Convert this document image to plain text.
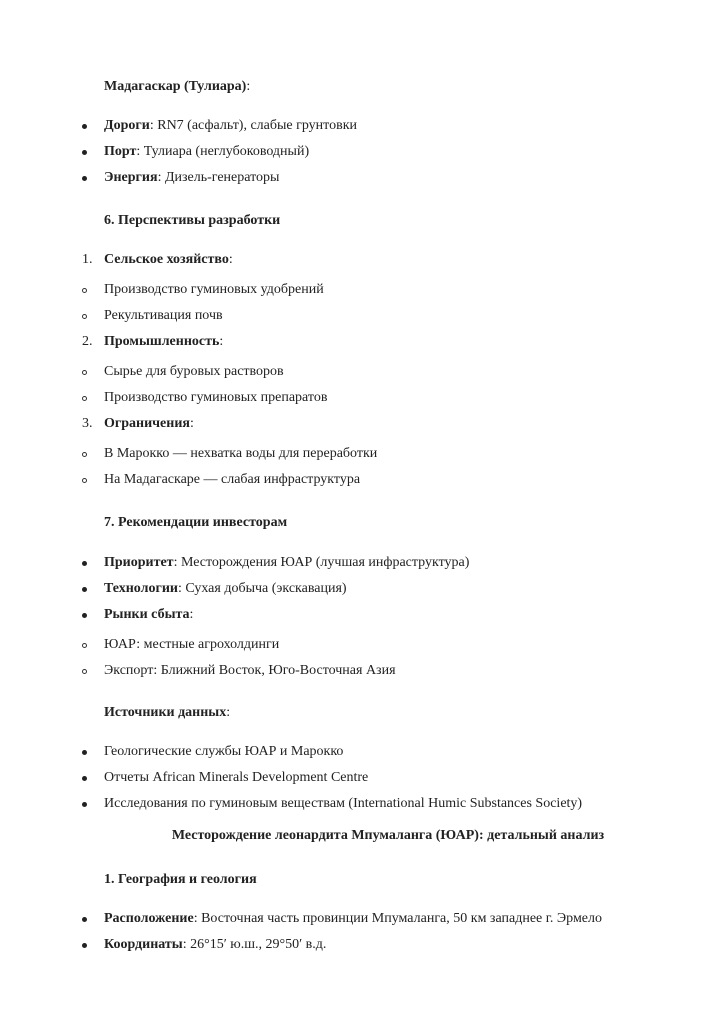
Мадагаскар (Тулиара):
Дороги: RN7 (асфальт), слабые грунтовки
Порт: Тулиара (неглубоководный)
Энергия: Дизель-генераторы
6. Перспективы разработки
1. Сельское хозяйство:
Производство гуминовых удобрений
Рекультивация почв
2. Промышленность:
Сырье для буровых растворов
Производство гуминовых препаратов
3. Ограничения:
В Марокко — нехватка воды для переработки
На Мадагаскаре — слабая инфраструктура
7. Рекомендации инвесторам
Приоритет: Месторождения ЮАР (лучшая инфраструктура)
Технологии: Сухая добыча (экскавация)
Рынки сбыта:
ЮАР: местные агрохолдинги
Экспорт: Ближний Восток, Юго-Восточная Азия
Источники данных:
Геологические службы ЮАР и Марокко
Отчеты African Minerals Development Centre
Исследования по гуминовым веществам (International Humic Substances Society)
Месторождение леонардита Мпумаланга (ЮАР): детальный анализ
1. География и геология
Расположение: Восточная часть провинции Мпумаланга, 50 км западнее г. Эрмело
Координаты: 26°15′ ю.ш., 29°50′ в.д.
